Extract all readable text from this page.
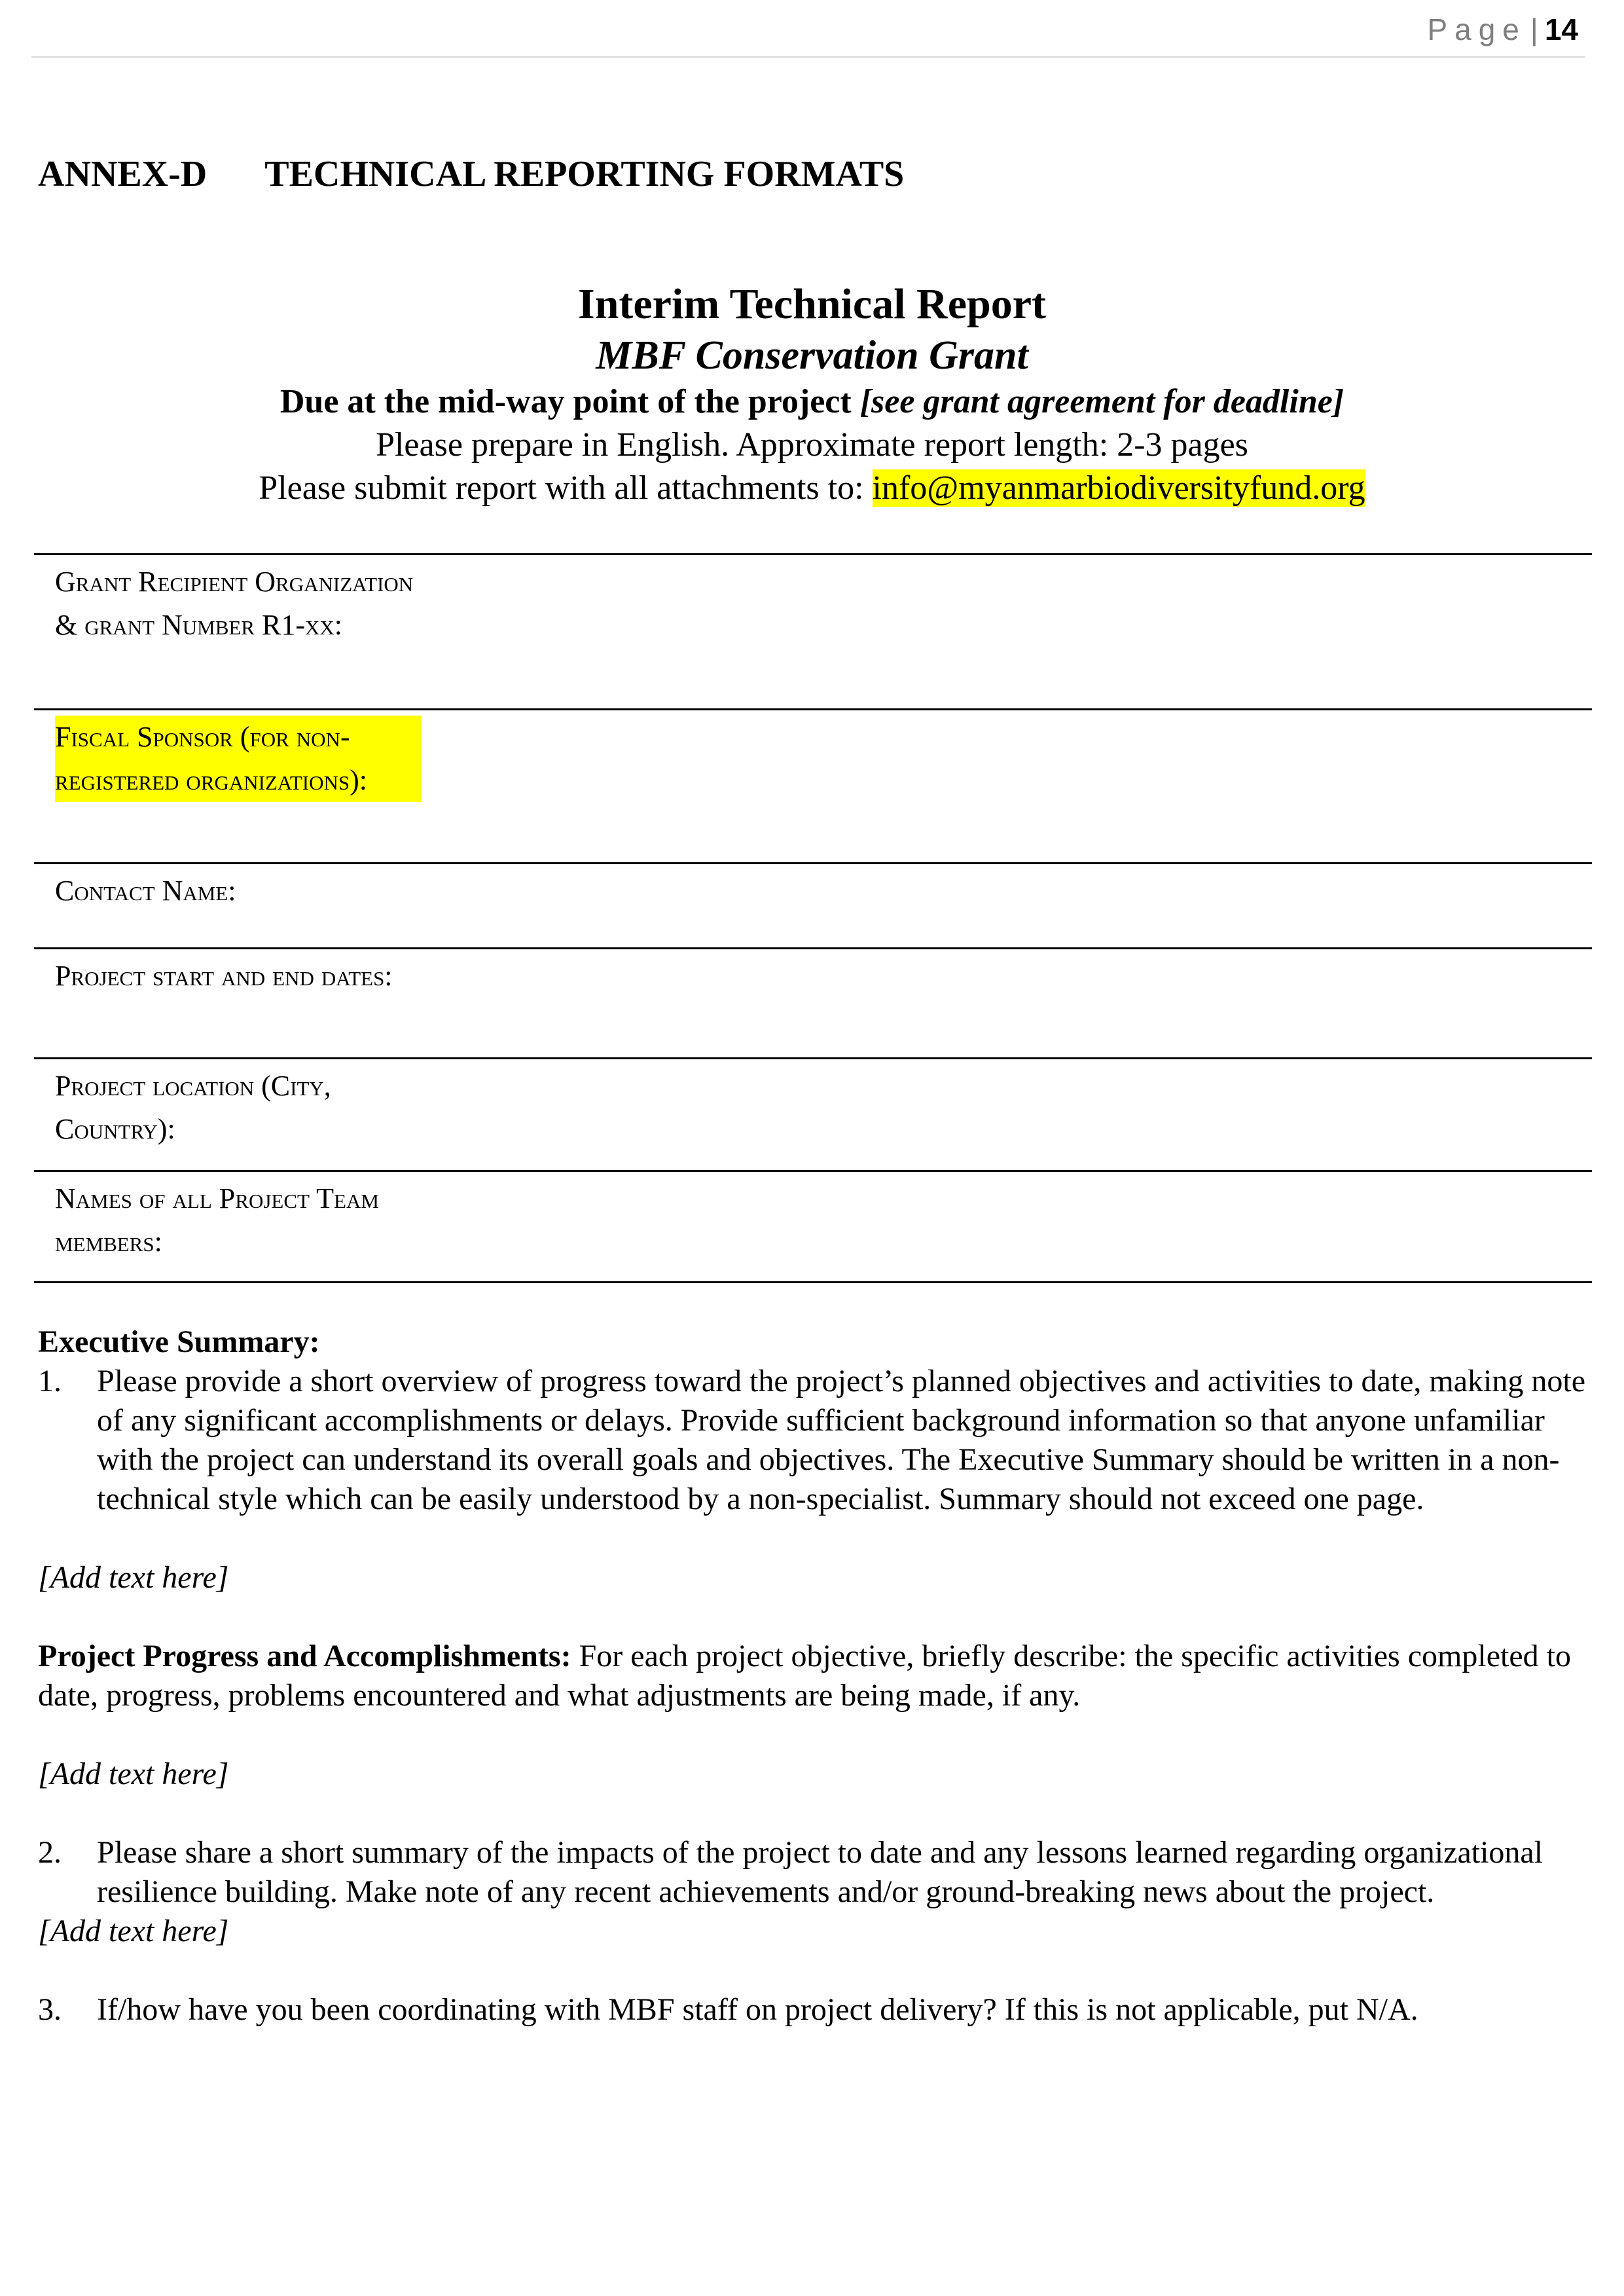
Page | 14
ANNEX-D TECHNICAL REPORTING FORMATS
Interim Technical Report
MBF Conservation Grant
Due at the mid-way point of the project [see grant agreement for deadline]
Please prepare in English. Approximate report length: 2-3 pages
Please submit report with all attachments to: info@myanmarbiodiversityfund.org
Grant Recipient Organization & grant Number R1-xx:
Fiscal Sponsor (for non-registered organizations):
Contact Name:
Project start and end dates:
Project location (City, Country):
Names of all Project Team members:
Executive Summary:
1. Please provide a short overview of progress toward the project’s planned objectives and activities to date, making note of any significant accomplishments or delays. Provide sufficient background information so that anyone unfamiliar with the project can understand its overall goals and objectives. The Executive Summary should be written in a non-technical style which can be easily understood by a non-specialist. Summary should not exceed one page.
[Add text here]
Project Progress and Accomplishments: For each project objective, briefly describe: the specific activities completed to date, progress, problems encountered and what adjustments are being made, if any.
[Add text here]
2. Please share a short summary of the impacts of the project to date and any lessons learned regarding organizational resilience building. Make note of any recent achievements and/or ground-breaking news about the project.
[Add text here]
3. If/how have you been coordinating with MBF staff on project delivery? If this is not applicable, put N/A.
